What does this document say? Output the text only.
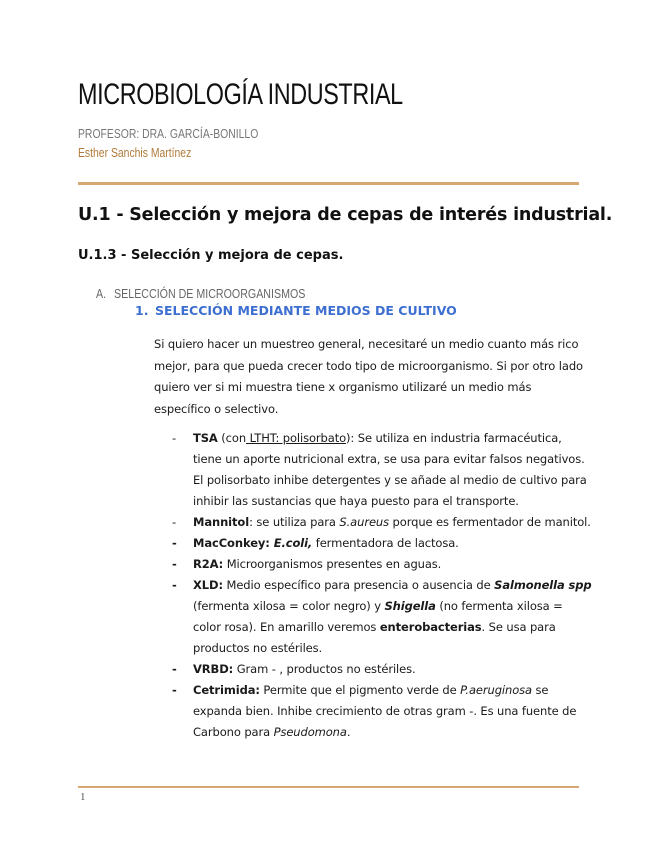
MICROBIOLOGÍA INDUSTRIAL
PROFESOR: DRA. GARCÍA-BONILLO
Esther Sanchis Martínez
U.1 - Selección y mejora de cepas de interés industrial.
U.1.3 - Selección y mejora de cepas.
A. SELECCIÓN DE MICROORGANISMOS
1. SELECCIÓN MEDIANTE MEDIOS DE CULTIVO
Si quiero hacer un muestreo general, necesitaré un medio cuanto más rico mejor, para que pueda crecer todo tipo de microorganismo. Si por otro lado quiero ver si mi muestra tiene x organismo utilizaré un medio más específico o selectivo.
- TSA (con LTHT: polisorbato): Se utiliza en industria farmacéutica, tiene un aporte nutricional extra, se usa para evitar falsos negativos. El polisorbato inhibe detergentes y se añade al medio de cultivo para inhibir las sustancias que haya puesto para el transporte.
- Mannitol: se utiliza para S.aureus porque es fermentador de manitol.
- MacConkey: E.coli, fermentadora de lactosa.
- R2A: Microorganismos presentes en aguas.
- XLD: Medio específico para presencia o ausencia de Salmonella spp (fermenta xilosa = color negro) y Shigella (no fermenta xilosa = color rosa). En amarillo veremos enterobacterias. Se usa para productos no estériles.
- VRBD: Gram - , productos no estériles.
- Cetrimida: Permite que el pigmento verde de P.aeruginosa se expanda bien. Inhibe crecimiento de otras gram -. Es una fuente de Carbono para Pseudomona.
1
